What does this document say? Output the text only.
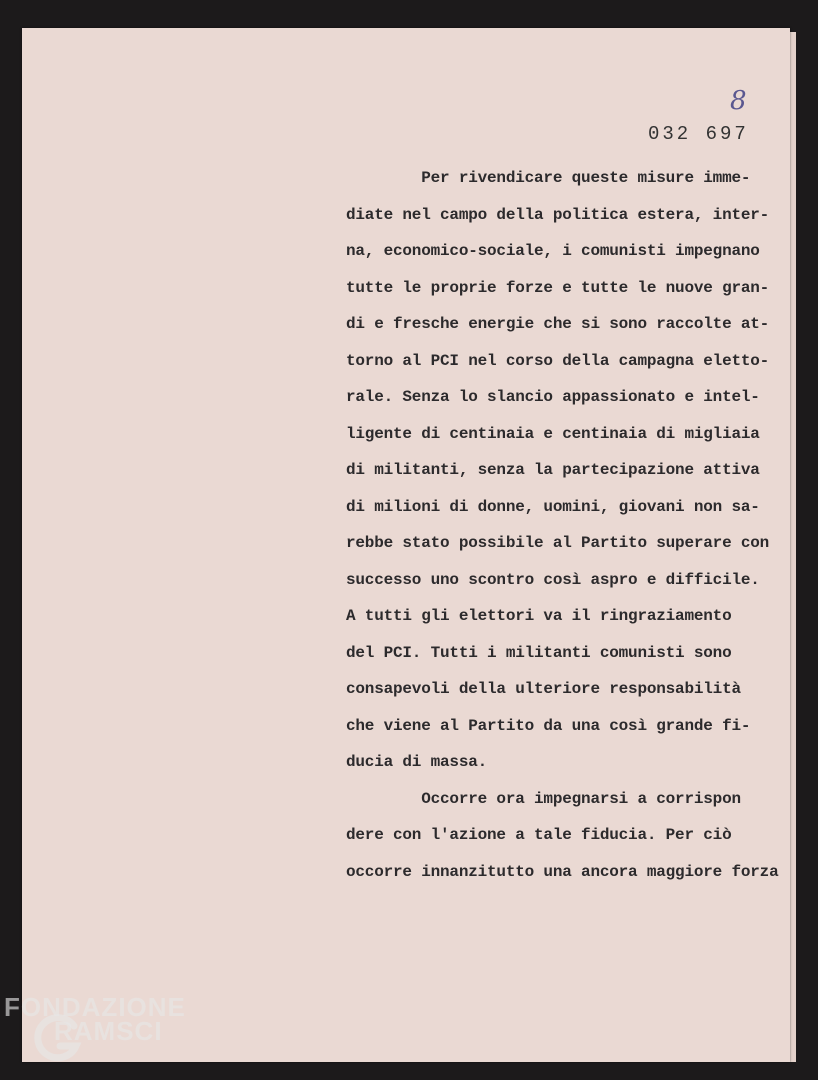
8
032 697
Per rivendicare queste misure imme-
diate nel campo della politica estera, inter-
na, economico-sociale, i comunisti impegnano
tutte le proprie forze e tutte le nuove gran-
di e fresche energie che si sono raccolte at-
torno al PCI nel corso della campagna eletto-
rale. Senza lo slancio appassionato e intel-
ligente di centinaia e centinaia di migliaia
di militanti, senza la partecipazione attiva
di milioni di donne, uomini, giovani non sa-
rebbe stato possibile al Partito superare con
successo uno scontro così aspro e difficile.
A tutti gli elettori va il ringraziamento
del PCI. Tutti i militanti comunisti sono
consapevoli della ulteriore responsabilità
che viene al Partito da una così grande fi-
ducia di massa.
Occorre ora impegnarsi a corrispon
dere con l'azione a tale fiducia. Per ciò
occorre innanzitutto una ancora maggiore forza
FONDAZIONE
RAMSCI
